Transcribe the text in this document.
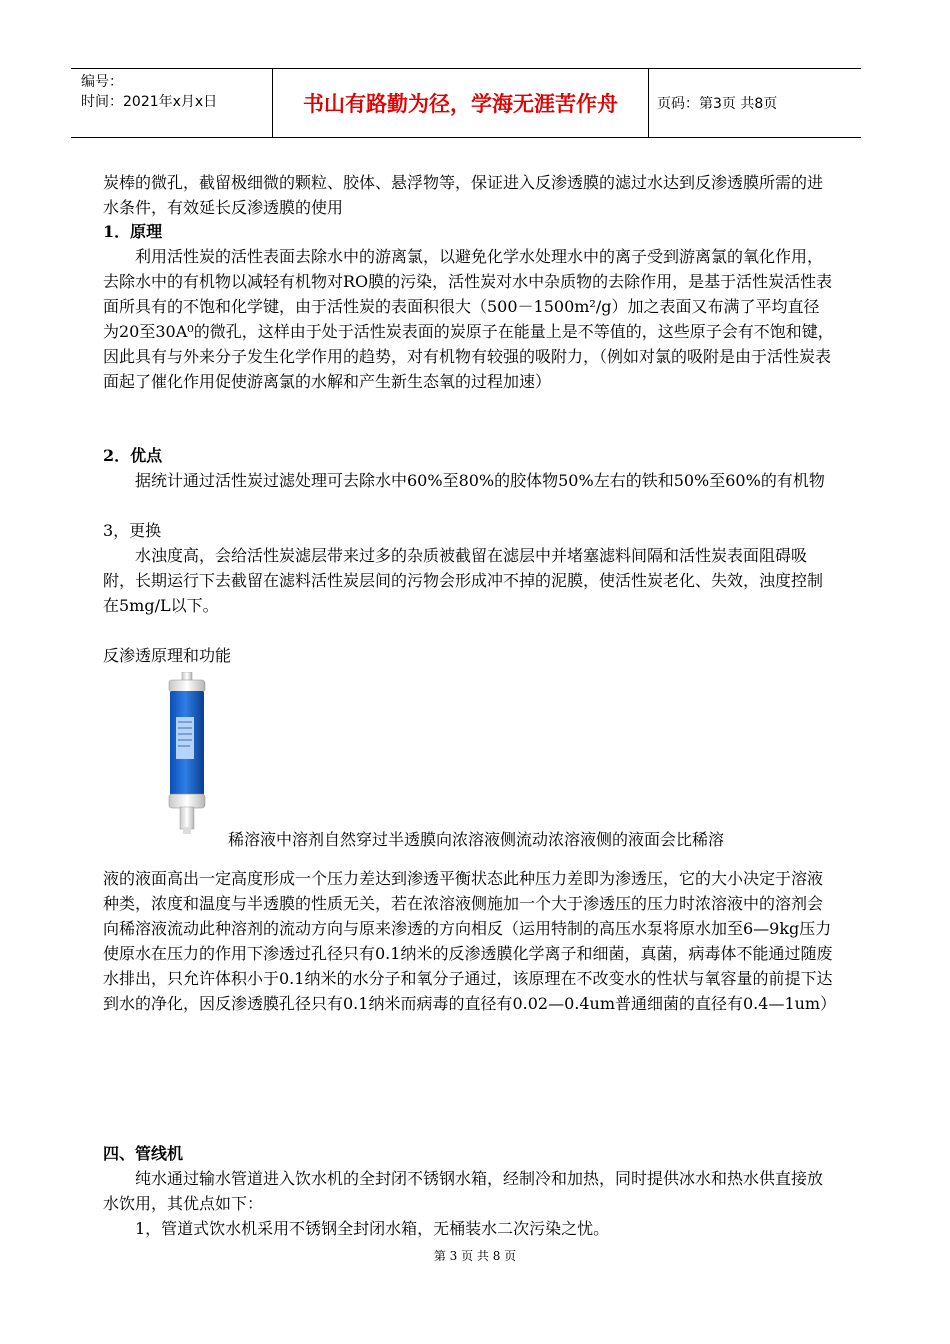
编号：
时间：2021年x月x日	书山有路勤为径，学海无涯苦作舟	页码：第3页 共8页
炭棒的微孔，截留极细微的颗粒、胶体、悬浮物等，保证进入反渗透膜的滤过水达到反渗透膜所需的进水条件，有效延长反渗透膜的使用
1．原理
利用活性炭的活性表面去除水中的游离氯，以避免化学水处理水中的离子受到游离氯的氧化作用，去除水中的有机物以减轻有机物对RO膜的污染，活性炭对水中杂质物的去除作用，是基于活性炭活性表面所具有的不饱和化学键，由于活性炭的表面积很大（500－1500m²/g）加之表面又布满了平均直径为20至30A⁰的微孔，这样由于处于活性炭表面的炭原子在能量上是不等值的，这些原子会有不饱和键，因此具有与外来分子发生化学作用的趋势，对有机物有较强的吸附力，（例如对氯的吸附是由于活性炭表面起了催化作用促使游离氯的水解和产生新生态氧的过程加速）
2．优点
据统计通过活性炭过滤处理可去除水中60%至80%的胶体物50%左右的铁和50%至60%的有机物
3，更换
水浊度高，会给活性炭滤层带来过多的杂质被截留在滤层中并堵塞滤料间隔和活性炭表面阻碍吸附，长期运行下去截留在滤料活性炭层间的污物会形成冲不掉的泥膜，使活性炭老化、失效，浊度控制在5mg/L以下。
反渗透原理和功能
稀溶液中溶剂自然穿过半透膜向浓溶液侧流动浓溶液侧的液面会比稀溶
液的液面高出一定高度形成一个压力差达到渗透平衡状态此种压力差即为渗透压，它的大小决定于溶液种类，浓度和温度与半透膜的性质无关，若在浓溶液侧施加一个大于渗透压的压力时浓溶液中的溶剂会向稀溶液流动此种溶剂的流动方向与原来渗透的方向相反（运用特制的高压水泵将原水加至6—9kg压力使原水在压力的作用下渗透过孔径只有0.1纳米的反渗透膜化学离子和细菌，真菌，病毒体不能通过随废水排出，只允许体积小于0.1纳米的水分子和氧分子通过，该原理在不改变水的性状与氧容量的前提下达到水的净化，因反渗透膜孔径只有0.1纳米而病毒的直径有0.02—0.4um普通细菌的直径有0.4—1um）
四、管线机
纯水通过输水管道进入饮水机的全封闭不锈钢水箱，经制冷和加热，同时提供冰水和热水供直接放水饮用，其优点如下：
1，管道式饮水机采用不锈钢全封闭水箱，无桶装水二次污染之忧。
第 3 页 共 8 页
